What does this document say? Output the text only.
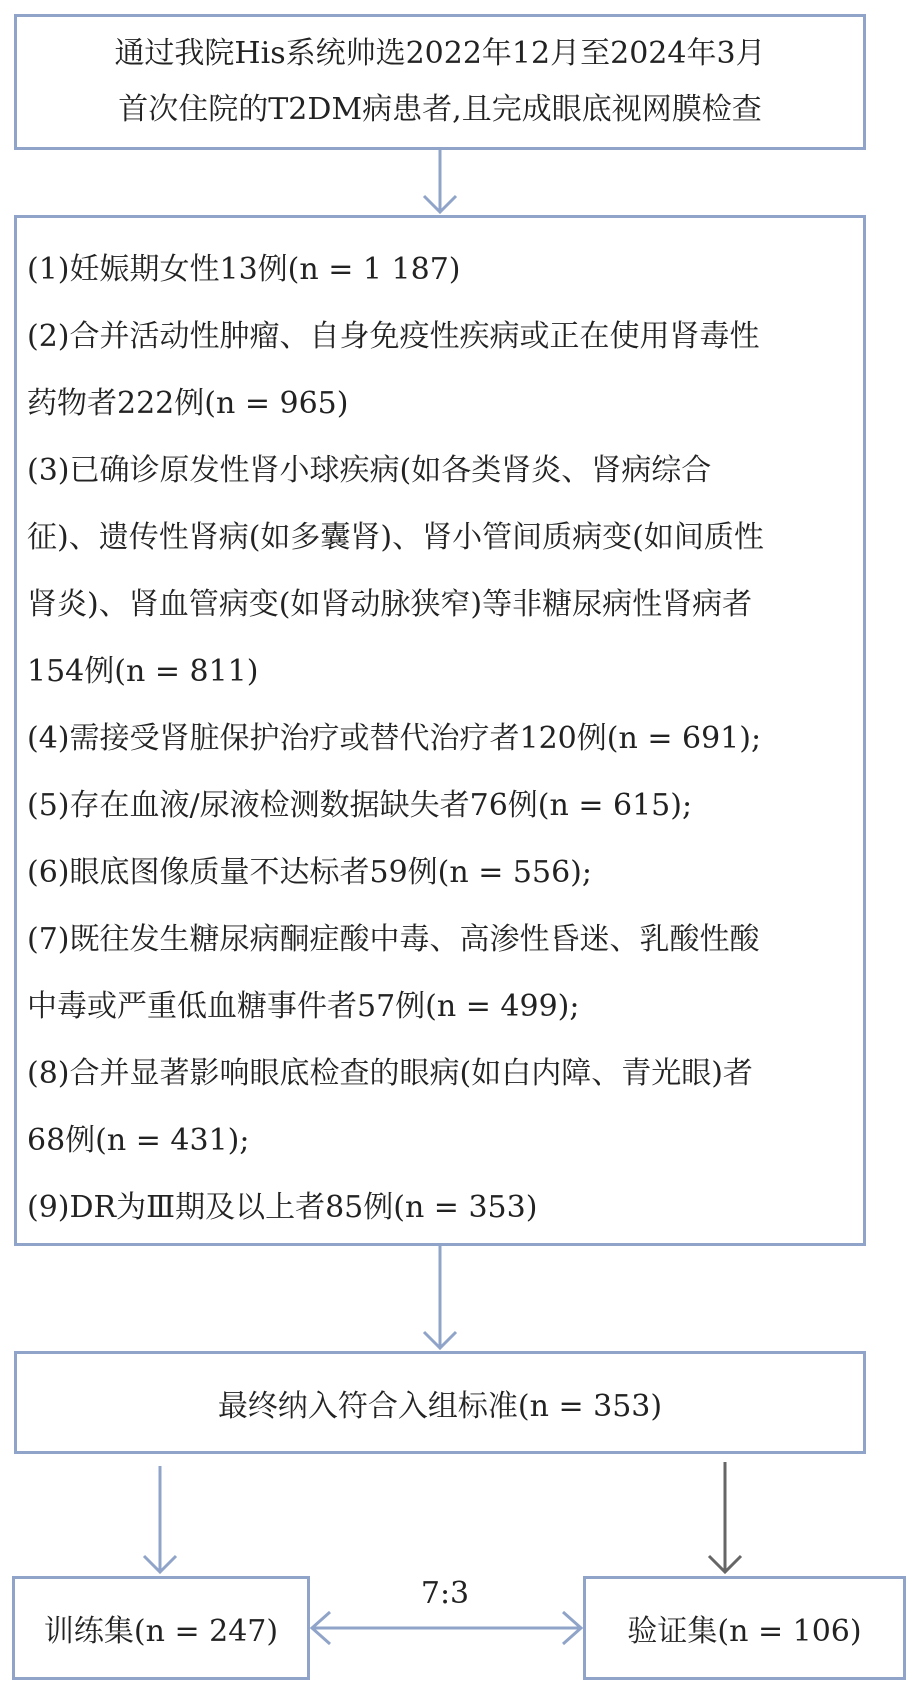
通过我院His系统帅选2022年12月至2024年3月
首次住院的T2DM病患者,且完成眼底视网膜检查
(1)妊娠期女性13例(n = 1 187)
(2)合并活动性肿瘤、自身免疫性疾病或正在使用肾毒性
药物者222例(n = 965)
(3)已确诊原发性肾小球疾病(如各类肾炎、肾病综合
征)、遗传性肾病(如多囊肾)、肾小管间质病变(如间质性
肾炎)、肾血管病变(如肾动脉狭窄)等非糖尿病性肾病者
154例(n = 811)
(4)需接受肾脏保护治疗或替代治疗者120例(n = 691);
(5)存在血液/尿液检测数据缺失者76例(n = 615);
(6)眼底图像质量不达标者59例(n = 556);
(7)既往发生糖尿病酮症酸中毒、高渗性昏迷、乳酸性酸
中毒或严重低血糖事件者57例(n = 499);
(8)合并显著影响眼底检查的眼病(如白内障、青光眼)者
68例(n = 431);
(9)DR为Ⅲ期及以上者85例(n = 353)
最终纳入符合入组标准(n = 353)
训练集(n = 247)
7:3
验证集(n = 106)
